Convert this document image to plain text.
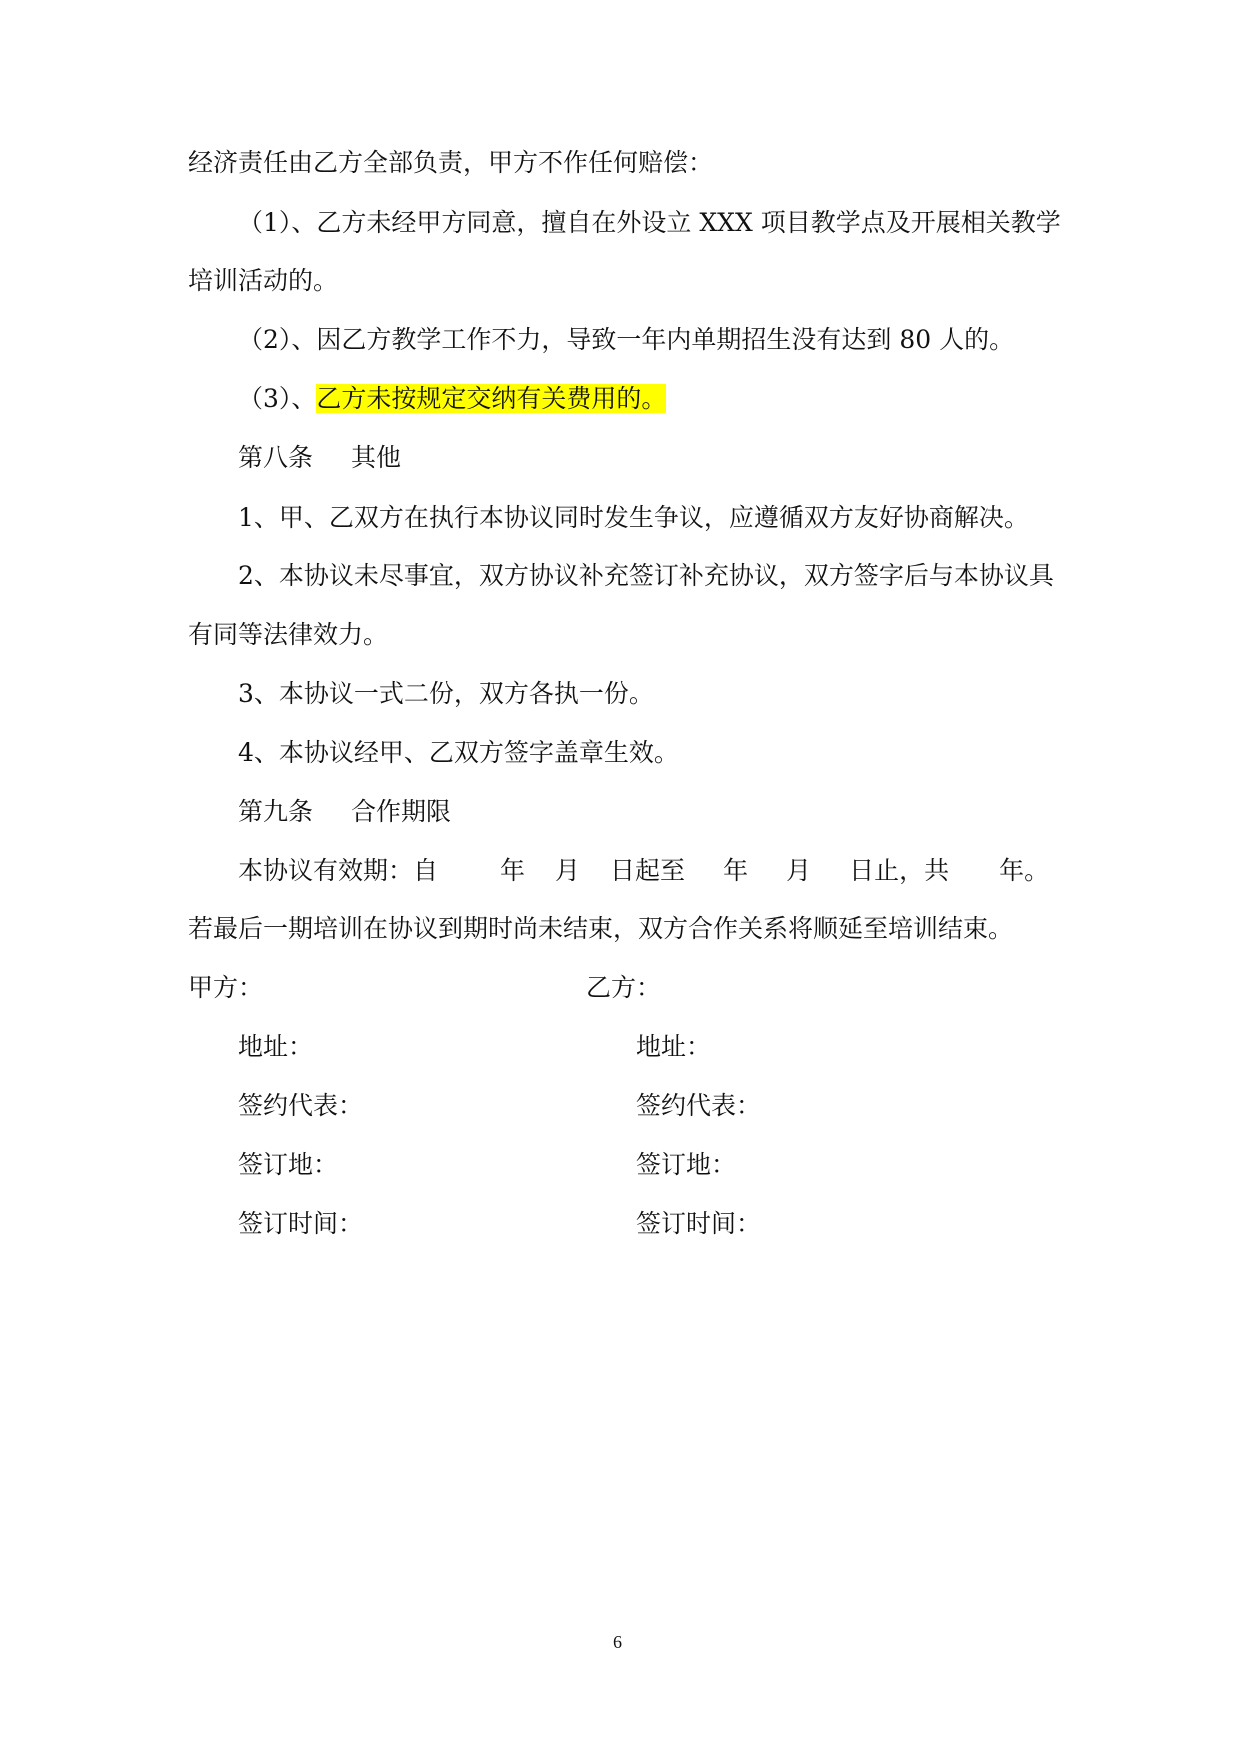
经济责任由乙方全部负责，甲方不作任何赔偿：
（1）、乙方未经甲方同意，擅自在外设立 XXX 项目教学点及开展相关教学
培训活动的。
（2）、因乙方教学工作不力，导致一年内单期招生没有达到 80 人的。
（3）、乙方未按规定交纳有关费用的。
第八条 其他
1、甲、乙双方在执行本协议同时发生争议，应遵循双方友好协商解决。
2、本协议未尽事宜，双方协议补充签订补充协议，双方签字后与本协议具
有同等法律效力。
3、本协议一式二份，双方各执一份。
4、本协议经甲、乙双方签字盖章生效。
第九条 合作期限
本协议有效期：自 年 月 日起至 年 月 日止，共 年。
若最后一期培训在协议到期时尚未结束，双方合作关系将顺延至培训结束。
甲方：	乙方：
地址：	地址：
签约代表：	签约代表：
签订地：	签订地：
签订时间：	签订时间：
6
